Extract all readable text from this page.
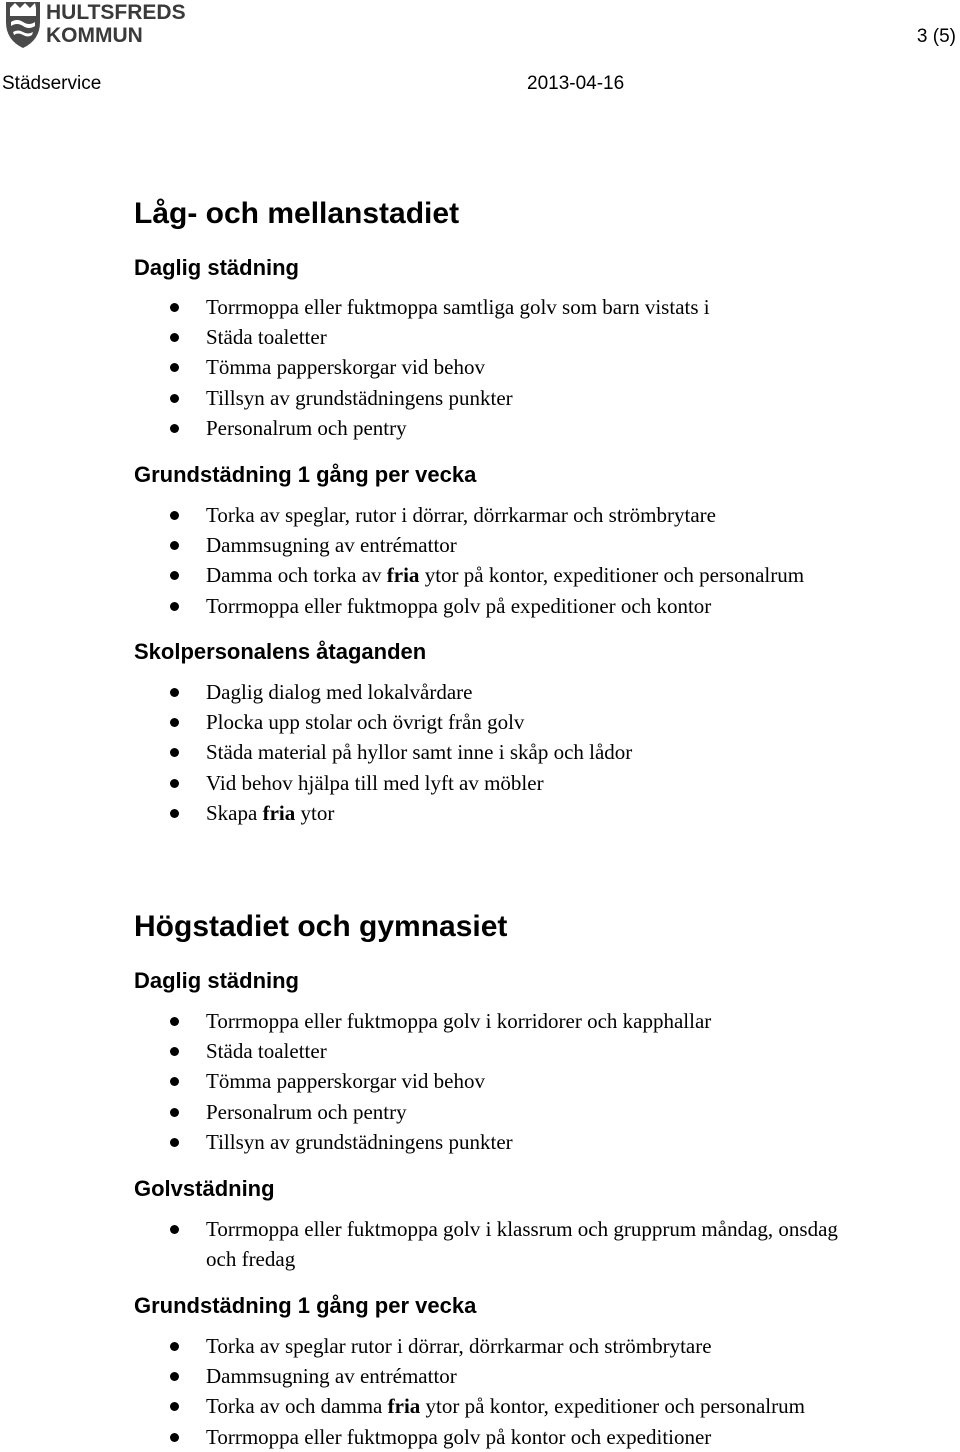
HULTSFREDS
KOMMUN	3 (5)
Städservice	2013-04-16
Låg- och mellanstadiet
Daglig städning
Torrmoppa eller fuktmoppa samtliga golv som barn vistats i
Städa toaletter
Tömma papperskorgar vid behov
Tillsyn av grundstädningens punkter
Personalrum och pentry
Grundstädning 1 gång per vecka
Torka av speglar, rutor i dörrar, dörrkarmar och strömbrytare
Dammsugning av entrémattor
Damma och torka av fria ytor på kontor, expeditioner och personalrum
Torrmoppa eller fuktmoppa golv på expeditioner och kontor
Skolpersonalens åtaganden
Daglig dialog med lokalvårdare
Plocka upp stolar och övrigt från golv
Städa material på hyllor samt inne i skåp och lådor
Vid behov hjälpa till med lyft av möbler
Skapa fria ytor
Högstadiet och gymnasiet
Daglig städning
Torrmoppa eller fuktmoppa golv i korridorer och kapphallar
Städa toaletter
Tömma papperskorgar vid behov
Personalrum och pentry
Tillsyn av grundstädningens punkter
Golvstädning
Torrmoppa eller fuktmoppa golv i klassrum och grupprum måndag, onsdag och fredag
Grundstädning 1 gång per vecka
Torka av speglar rutor i dörrar, dörrkarmar och strömbrytare
Dammsugning av entrémattor
Torka av och damma fria ytor på kontor, expeditioner och personalrum
Torrmoppa eller fuktmoppa golv på kontor och expeditioner
